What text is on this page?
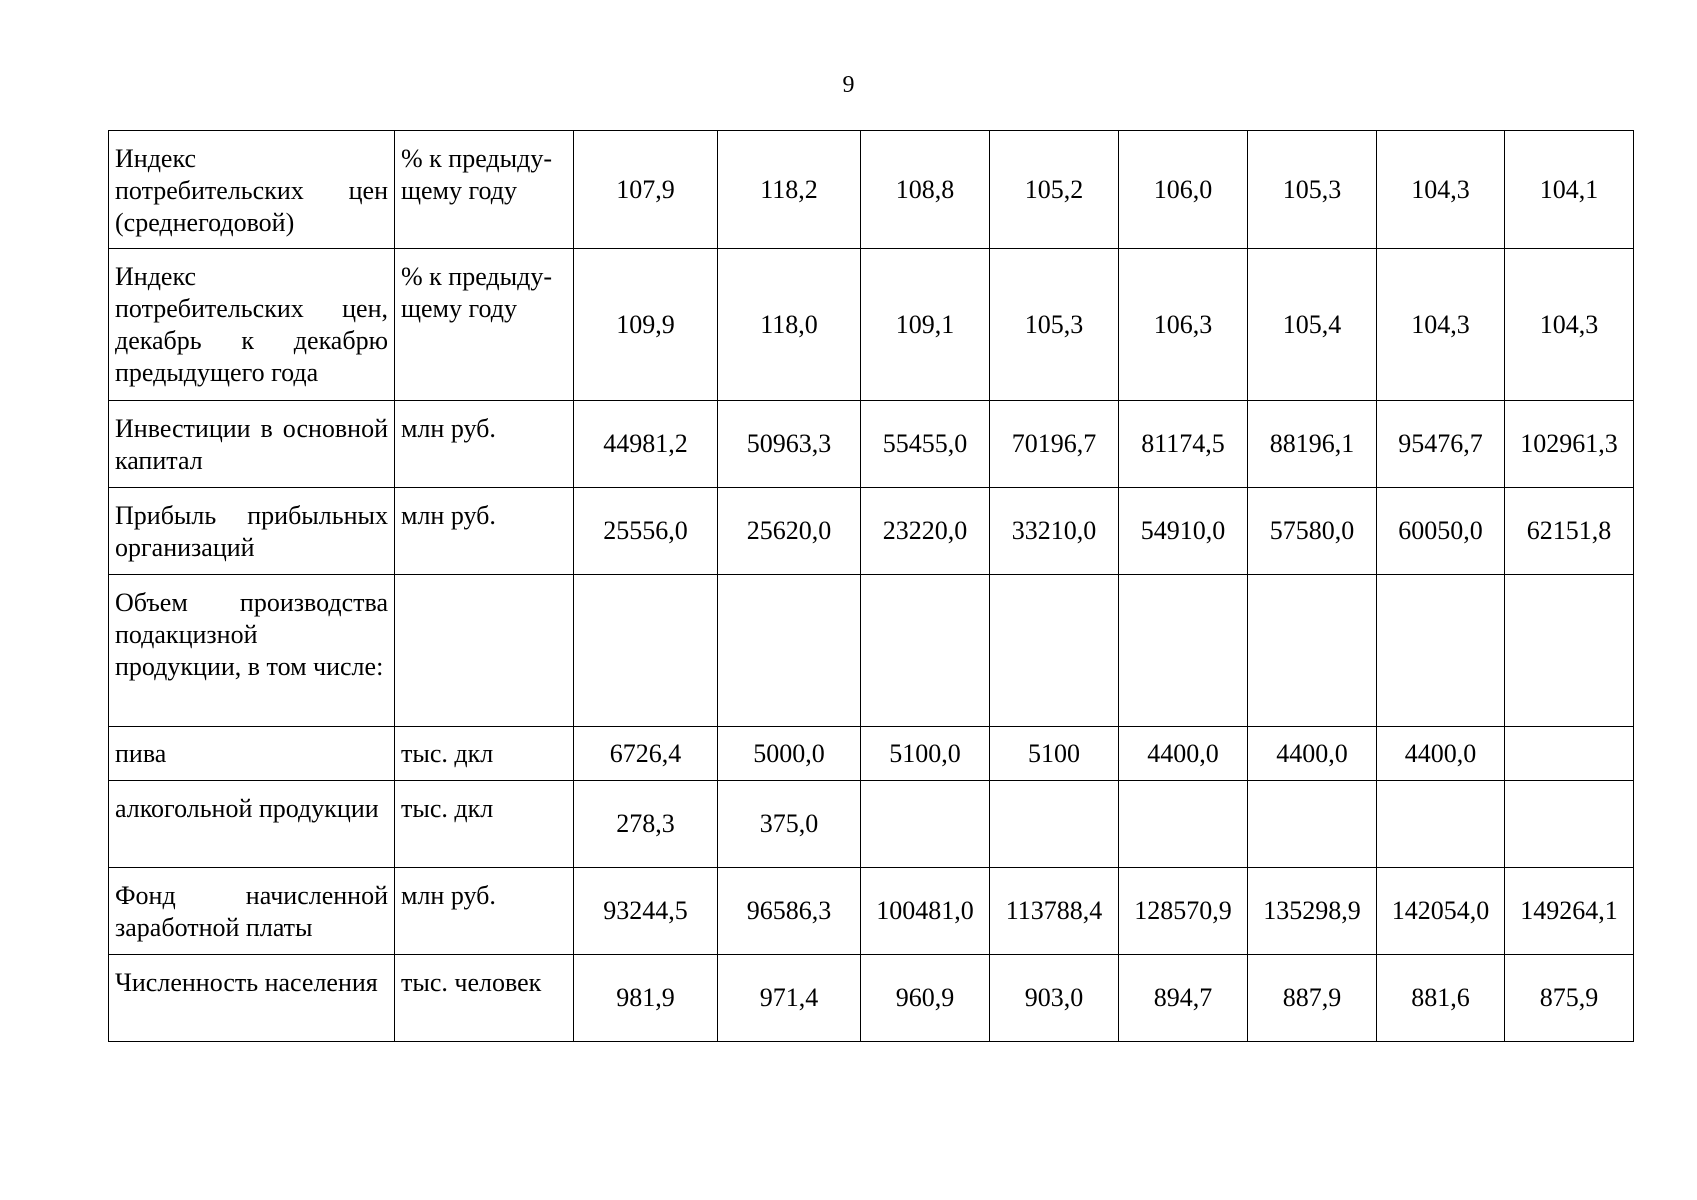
9
Индекс потребительских цен (среднегодовой)	% к предыду-щему году	107,9	118,2	108,8	105,2	106,0	105,3	104,3	104,1
Индекс потребительских цен, декабрь к декабрю предыдущего года	% к предыду-щему году	109,9	118,0	109,1	105,3	106,3	105,4	104,3	104,3
Инвестиции в основной капитал	млн руб.	44981,2	50963,3	55455,0	70196,7	81174,5	88196,1	95476,7	102961,3
Прибыль прибыльных организаций	млн руб.	25556,0	25620,0	23220,0	33210,0	54910,0	57580,0	60050,0	62151,8
Объем производства подакцизной продукции, в том числе:									
пива	тыс. дкл	6726,4	5000,0	5100,0	5100	4400,0	4400,0	4400,0	
алкогольной продукции	тыс. дкл	278,3	375,0						
Фонд начисленной заработной платы	млн руб.	93244,5	96586,3	100481,0	113788,4	128570,9	135298,9	142054,0	149264,1
Численность населения	тыс. человек	981,9	971,4	960,9	903,0	894,7	887,9	881,6	875,9
